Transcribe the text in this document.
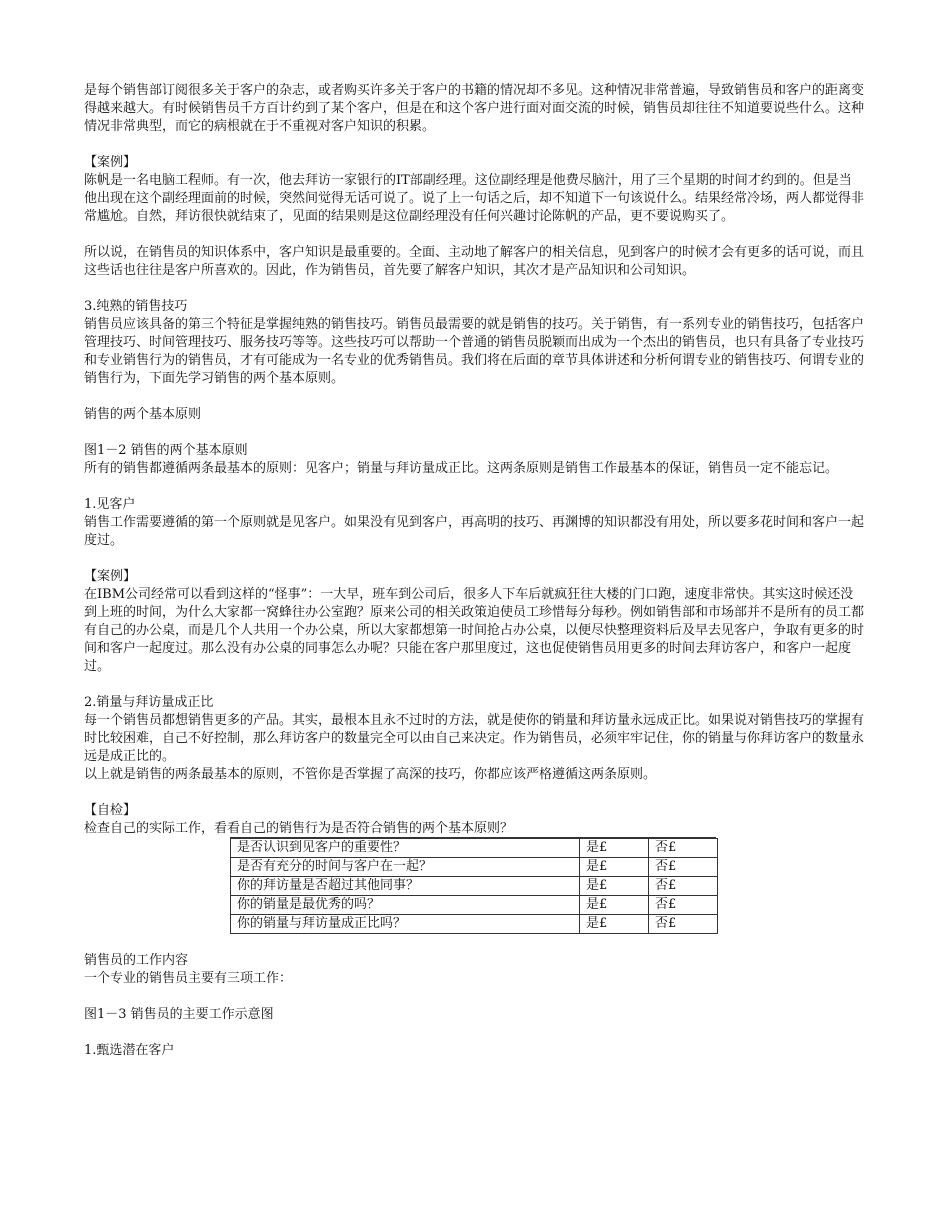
是每个销售部订阅很多关于客户的杂志，或者购买许多关于客户的书籍的情况却不多见。这种情况非常普遍，导致销售员和客户的距离变得越来越大。有时候销售员千方百计约到了某个客户，但是在和这个客户进行面对面交流的时候，销售员却往往不知道要说些什么。这种情况非常典型，而它的病根就在于不重视对客户知识的积累。

【案例】

陈帆是一名电脑工程师。有一次，他去拜访一家银行的IT部副经理。这位副经理是他费尽脑汁，用了三个星期的时间才约到的。但是当他出现在这个副经理面前的时候，突然间觉得无话可说了。说了上一句话之后，却不知道下一句该说什么。结果经常冷场，两人都觉得非常尴尬。自然，拜访很快就结束了，见面的结果则是这位副经理没有任何兴趣讨论陈帆的产品，更不要说购买了。

所以说，在销售员的知识体系中，客户知识是最重要的。全面、主动地了解客户的相关信息，见到客户的时候才会有更多的话可说，而且这些话也往往是客户所喜欢的。因此，作为销售员，首先要了解客户知识，其次才是产品知识和公司知识。

3.纯熟的销售技巧

销售员应该具备的第三个特征是掌握纯熟的销售技巧。销售员最需要的就是销售的技巧。关于销售，有一系列专业的销售技巧，包括客户管理技巧、时间管理技巧、服务技巧等等。这些技巧可以帮助一个普通的销售员脱颖而出成为一个杰出的销售员，也只有具备了专业技巧和专业销售行为的销售员，才有可能成为一名专业的优秀销售员。我们将在后面的章节具体讲述和分析何谓专业的销售技巧、何谓专业的销售行为，下面先学习销售的两个基本原则。

销售的两个基本原则

图1－2 销售的两个基本原则

所有的销售都遵循两条最基本的原则：见客户；销量与拜访量成正比。这两条原则是销售工作最基本的保证，销售员一定不能忘记。

1.见客户

销售工作需要遵循的第一个原则就是见客户。如果没有见到客户，再高明的技巧、再渊博的知识都没有用处，所以要多花时间和客户一起度过。

【案例】

在IBM公司经常可以看到这样的“怪事”：一大早，班车到公司后，很多人下车后就疯狂往大楼的门口跑，速度非常快。其实这时候还没到上班的时间，为什么大家都一窝蜂往办公室跑？原来公司的相关政策迫使员工珍惜每分每秒。例如销售部和市场部并不是所有的员工都有自己的办公桌，而是几个人共用一个办公桌，所以大家都想第一时间抢占办公桌，以便尽快整理资料后及早去见客户，争取有更多的时间和客户一起度过。那么没有办公桌的同事怎么办呢？只能在客户那里度过，这也促使销售员用更多的时间去拜访客户，和客户一起度过。

2.销量与拜访量成正比

每一个销售员都想销售更多的产品。其实，最根本且永不过时的方法，就是使你的销量和拜访量永远成正比。如果说对销售技巧的掌握有时比较困难，自己不好控制，那么拜访客户的数量完全可以由自己来决定。作为销售员，必须牢牢记住，你的销量与你拜访客户的数量永远是成正比的。

以上就是销售的两条最基本的原则，不管你是否掌握了高深的技巧，你都应该严格遵循这两条原则。

【自检】

检查自己的实际工作，看看自己的销售行为是否符合销售的两个基本原则？

是否认识到见客户的重要性？	是£	否£
是否有充分的时间与客户在一起？	是£	否£
你的拜访量是否超过其他同事？	是£	否£
你的销量是最优秀的吗？	是£	否£
你的销量与拜访量成正比吗？	是£	否£

销售员的工作内容

一个专业的销售员主要有三项工作：

图1－3 销售员的主要工作示意图

1.甄选潜在客户
